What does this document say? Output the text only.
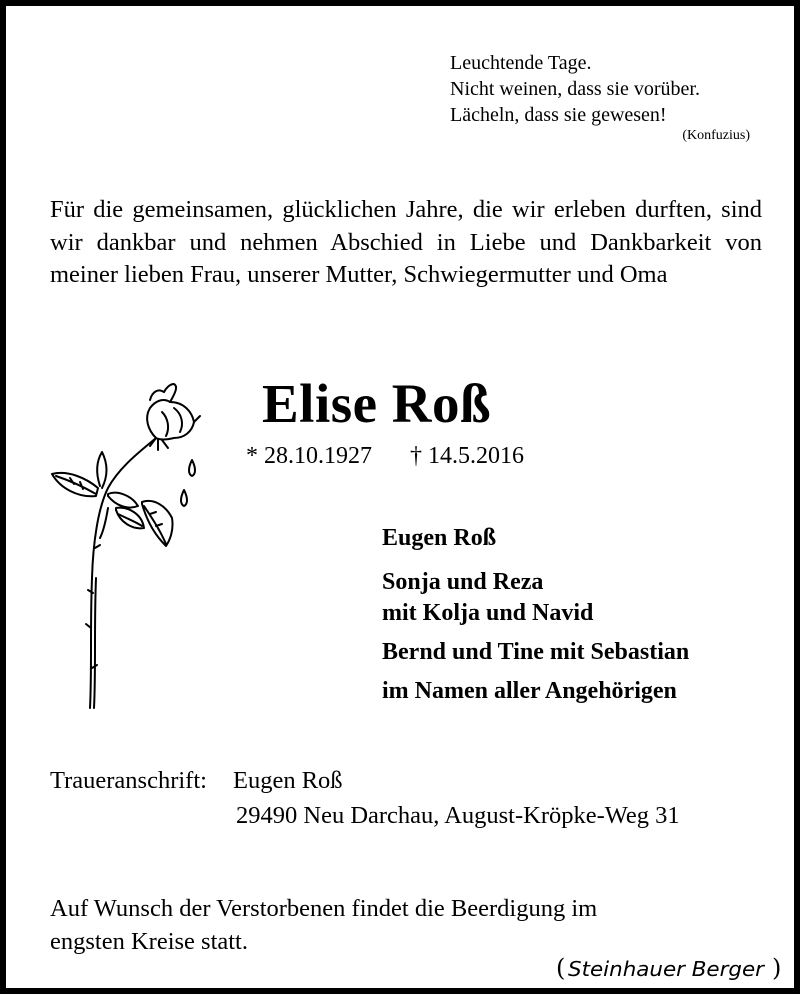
Leuchtende Tage.
Nicht weinen, dass sie vorüber.
Lächeln, dass sie gewesen!
(Konfuzius)
Für die gemeinsamen, glücklichen Jahre, die wir erleben durften, sind wir dankbar und nehmen Abschied in Liebe und Dankbarkeit von meiner lieben Frau, unserer Mutter, Schwiegermutter und Oma
Elise Roß
* 28.10.1927 † 14.5.2016
Eugen Roß
Sonja und Reza
mit Kolja und Navid
Bernd und Tine mit Sebastian
im Namen aller Angehörigen
Traueranschrift: Eugen Roß
29490 Neu Darchau, August-Kröpke-Weg 31
Auf Wunsch der Verstorbenen findet die Beerdigung im
engsten Kreise statt.
( Steinhauer Berger )
